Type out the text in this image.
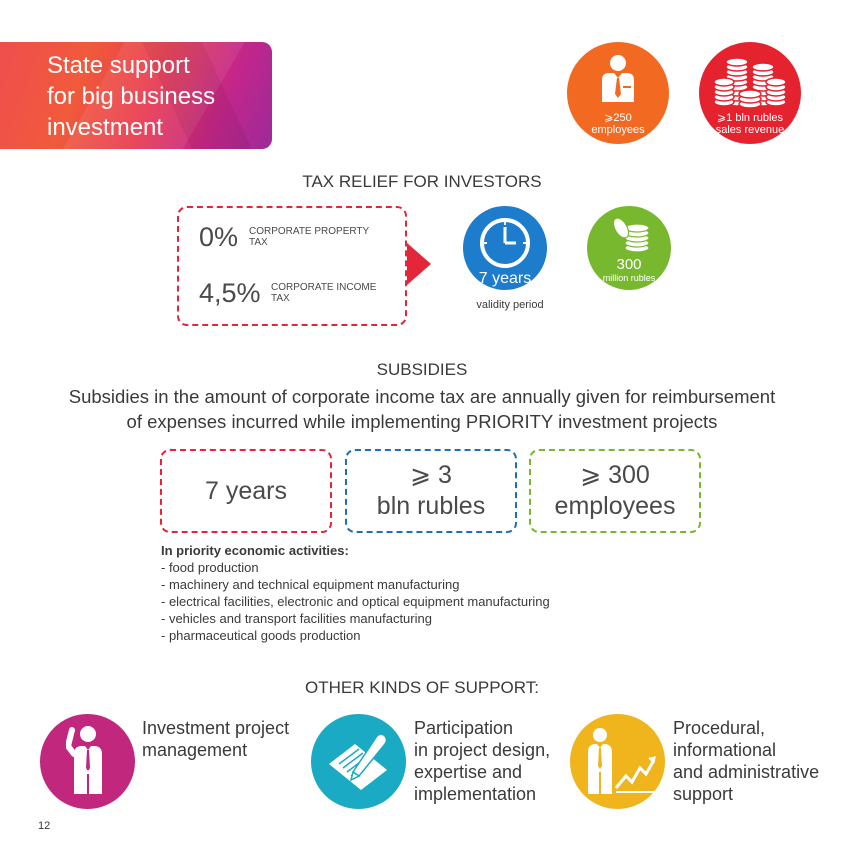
State support
for big business
investment	⩾250
employees
⩾1 bln rubles
sales revenue
TAX RELIEF FOR INVESTORS
0% CORPORATE PROPERTY
TAX
4,5% CORPORATE INCOME
TAX
7 years
validity period
300
million rubles
SUBSIDIES
Subsidies in the amount of corporate income tax are annually given for reimbursement
of expenses incurred while implementing PRIORITY investment projects
7 years
⩾ 3
bln rubles
⩾ 300
employees
In priority economic activities:
- food production
- machinery and technical equipment manufacturing
- electrical facilities, electronic and optical equipment manufacturing
- vehicles and transport facilities manufacturing
- pharmaceutical goods production
OTHER KINDS OF SUPPORT:
Investment project
management
Participation
in project design,
expertise and
implementation
Procedural,
informational
and administrative
support
12
